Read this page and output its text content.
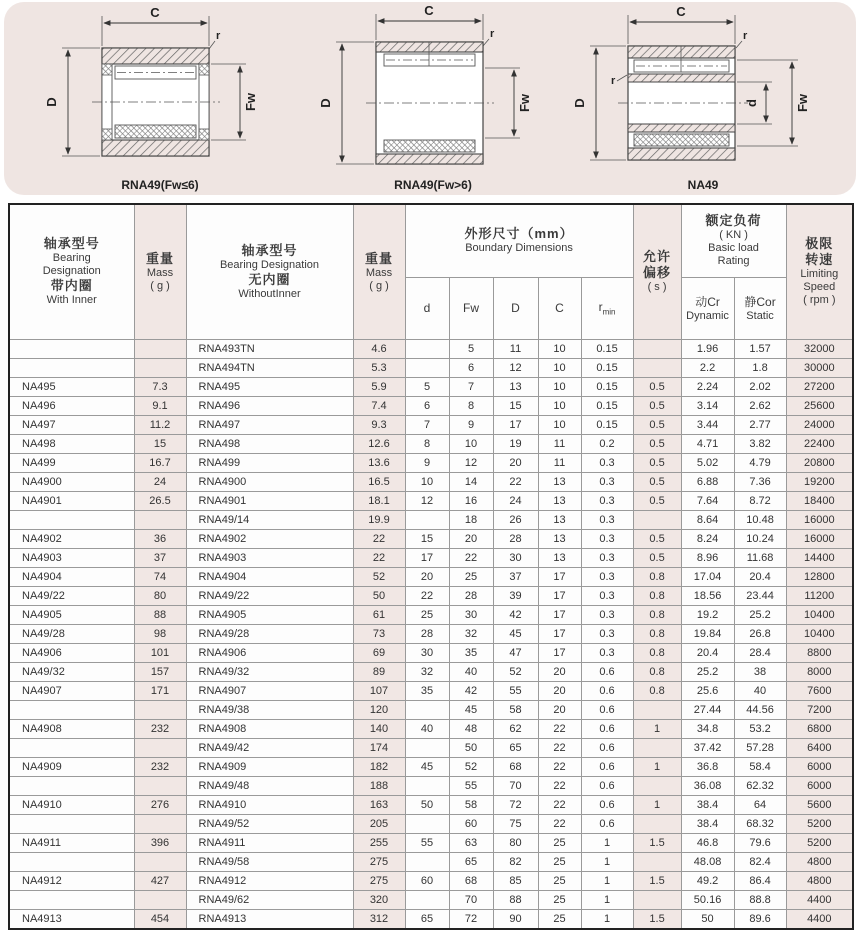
C
r
D	Fw
RNA49(Fw≤6)
C
r
D	Fw
RNA49(Fw>6)
C
r
r
D	d	Fw
NA49
轴承型号
Bearing
Designation
带内圈
With Inner

重量
Mass
( g )

轴承型号
Bearing Designation
无内圈
WithoutInner

重量
Mass
( g )

外形尺寸（mm）
Boundary Dimensions

允许
偏移
( s )

额定负荷
( KN )
Basic load
Rating

极限
转速
Limiting
Speed
( rpm )

d	Fw	D	C	$r_{min}$	
动Cr
Dynamic

静Cor
Static

		RNA493TN	4.6		5	11	10	0.15		1.96	1.57	32000
		RNA494TN	5.3		6	12	10	0.15		2.2	1.8	30000
NA495	7.3	RNA495	5.9	5	7	13	10	0.15	0.5	2.24	2.02	27200
NA496	9.1	RNA496	7.4	6	8	15	10	0.15	0.5	3.14	2.62	25600
NA497	11.2	RNA497	9.3	7	9	17	10	0.15	0.5	3.44	2.77	24000
NA498	15	RNA498	12.6	8	10	19	11	0.2	0.5	4.71	3.82	22400
NA499	16.7	RNA499	13.6	9	12	20	11	0.3	0.5	5.02	4.79	20800
NA4900	24	RNA4900	16.5	10	14	22	13	0.3	0.5	6.88	7.36	19200
NA4901	26.5	RNA4901	18.1	12	16	24	13	0.3	0.5	7.64	8.72	18400
		RNA49/14	19.9		18	26	13	0.3		8.64	10.48	16000
NA4902	36	RNA4902	22	15	20	28	13	0.3	0.5	8.24	10.24	16000
NA4903	37	RNA4903	22	17	22	30	13	0.3	0.5	8.96	11.68	14400
NA4904	74	RNA4904	52	20	25	37	17	0.3	0.8	17.04	20.4	12800
NA49/22	80	RNA49/22	50	22	28	39	17	0.3	0.8	18.56	23.44	11200
NA4905	88	RNA4905	61	25	30	42	17	0.3	0.8	19.2	25.2	10400
NA49/28	98	RNA49/28	73	28	32	45	17	0.3	0.8	19.84	26.8	10400
NA4906	101	RNA4906	69	30	35	47	17	0.3	0.8	20.4	28.4	8800
NA49/32	157	RNA49/32	89	32	40	52	20	0.6	0.8	25.2	38	8000
NA4907	171	RNA4907	107	35	42	55	20	0.6	0.8	25.6	40	7600
		RNA49/38	120		45	58	20	0.6		27.44	44.56	7200
NA4908	232	RNA4908	140	40	48	62	22	0.6	1	34.8	53.2	6800
		RNA49/42	174		50	65	22	0.6		37.42	57.28	6400
NA4909	232	RNA4909	182	45	52	68	22	0.6	1	36.8	58.4	6000
		RNA49/48	188		55	70	22	0.6		36.08	62.32	6000
NA4910	276	RNA4910	163	50	58	72	22	0.6	1	38.4	64	5600
		RNA49/52	205		60	75	22	0.6		38.4	68.32	5200
NA4911	396	RNA4911	255	55	63	80	25	1	1.5	46.8	79.6	5200
		RNA49/58	275		65	82	25	1		48.08	82.4	4800
NA4912	427	RNA4912	275	60	68	85	25	1	1.5	49.2	86.4	4800
		RNA49/62	320		70	88	25	1		50.16	88.8	4400
NA4913	454	RNA4913	312	65	72	90	25	1	1.5	50	89.6	4400
